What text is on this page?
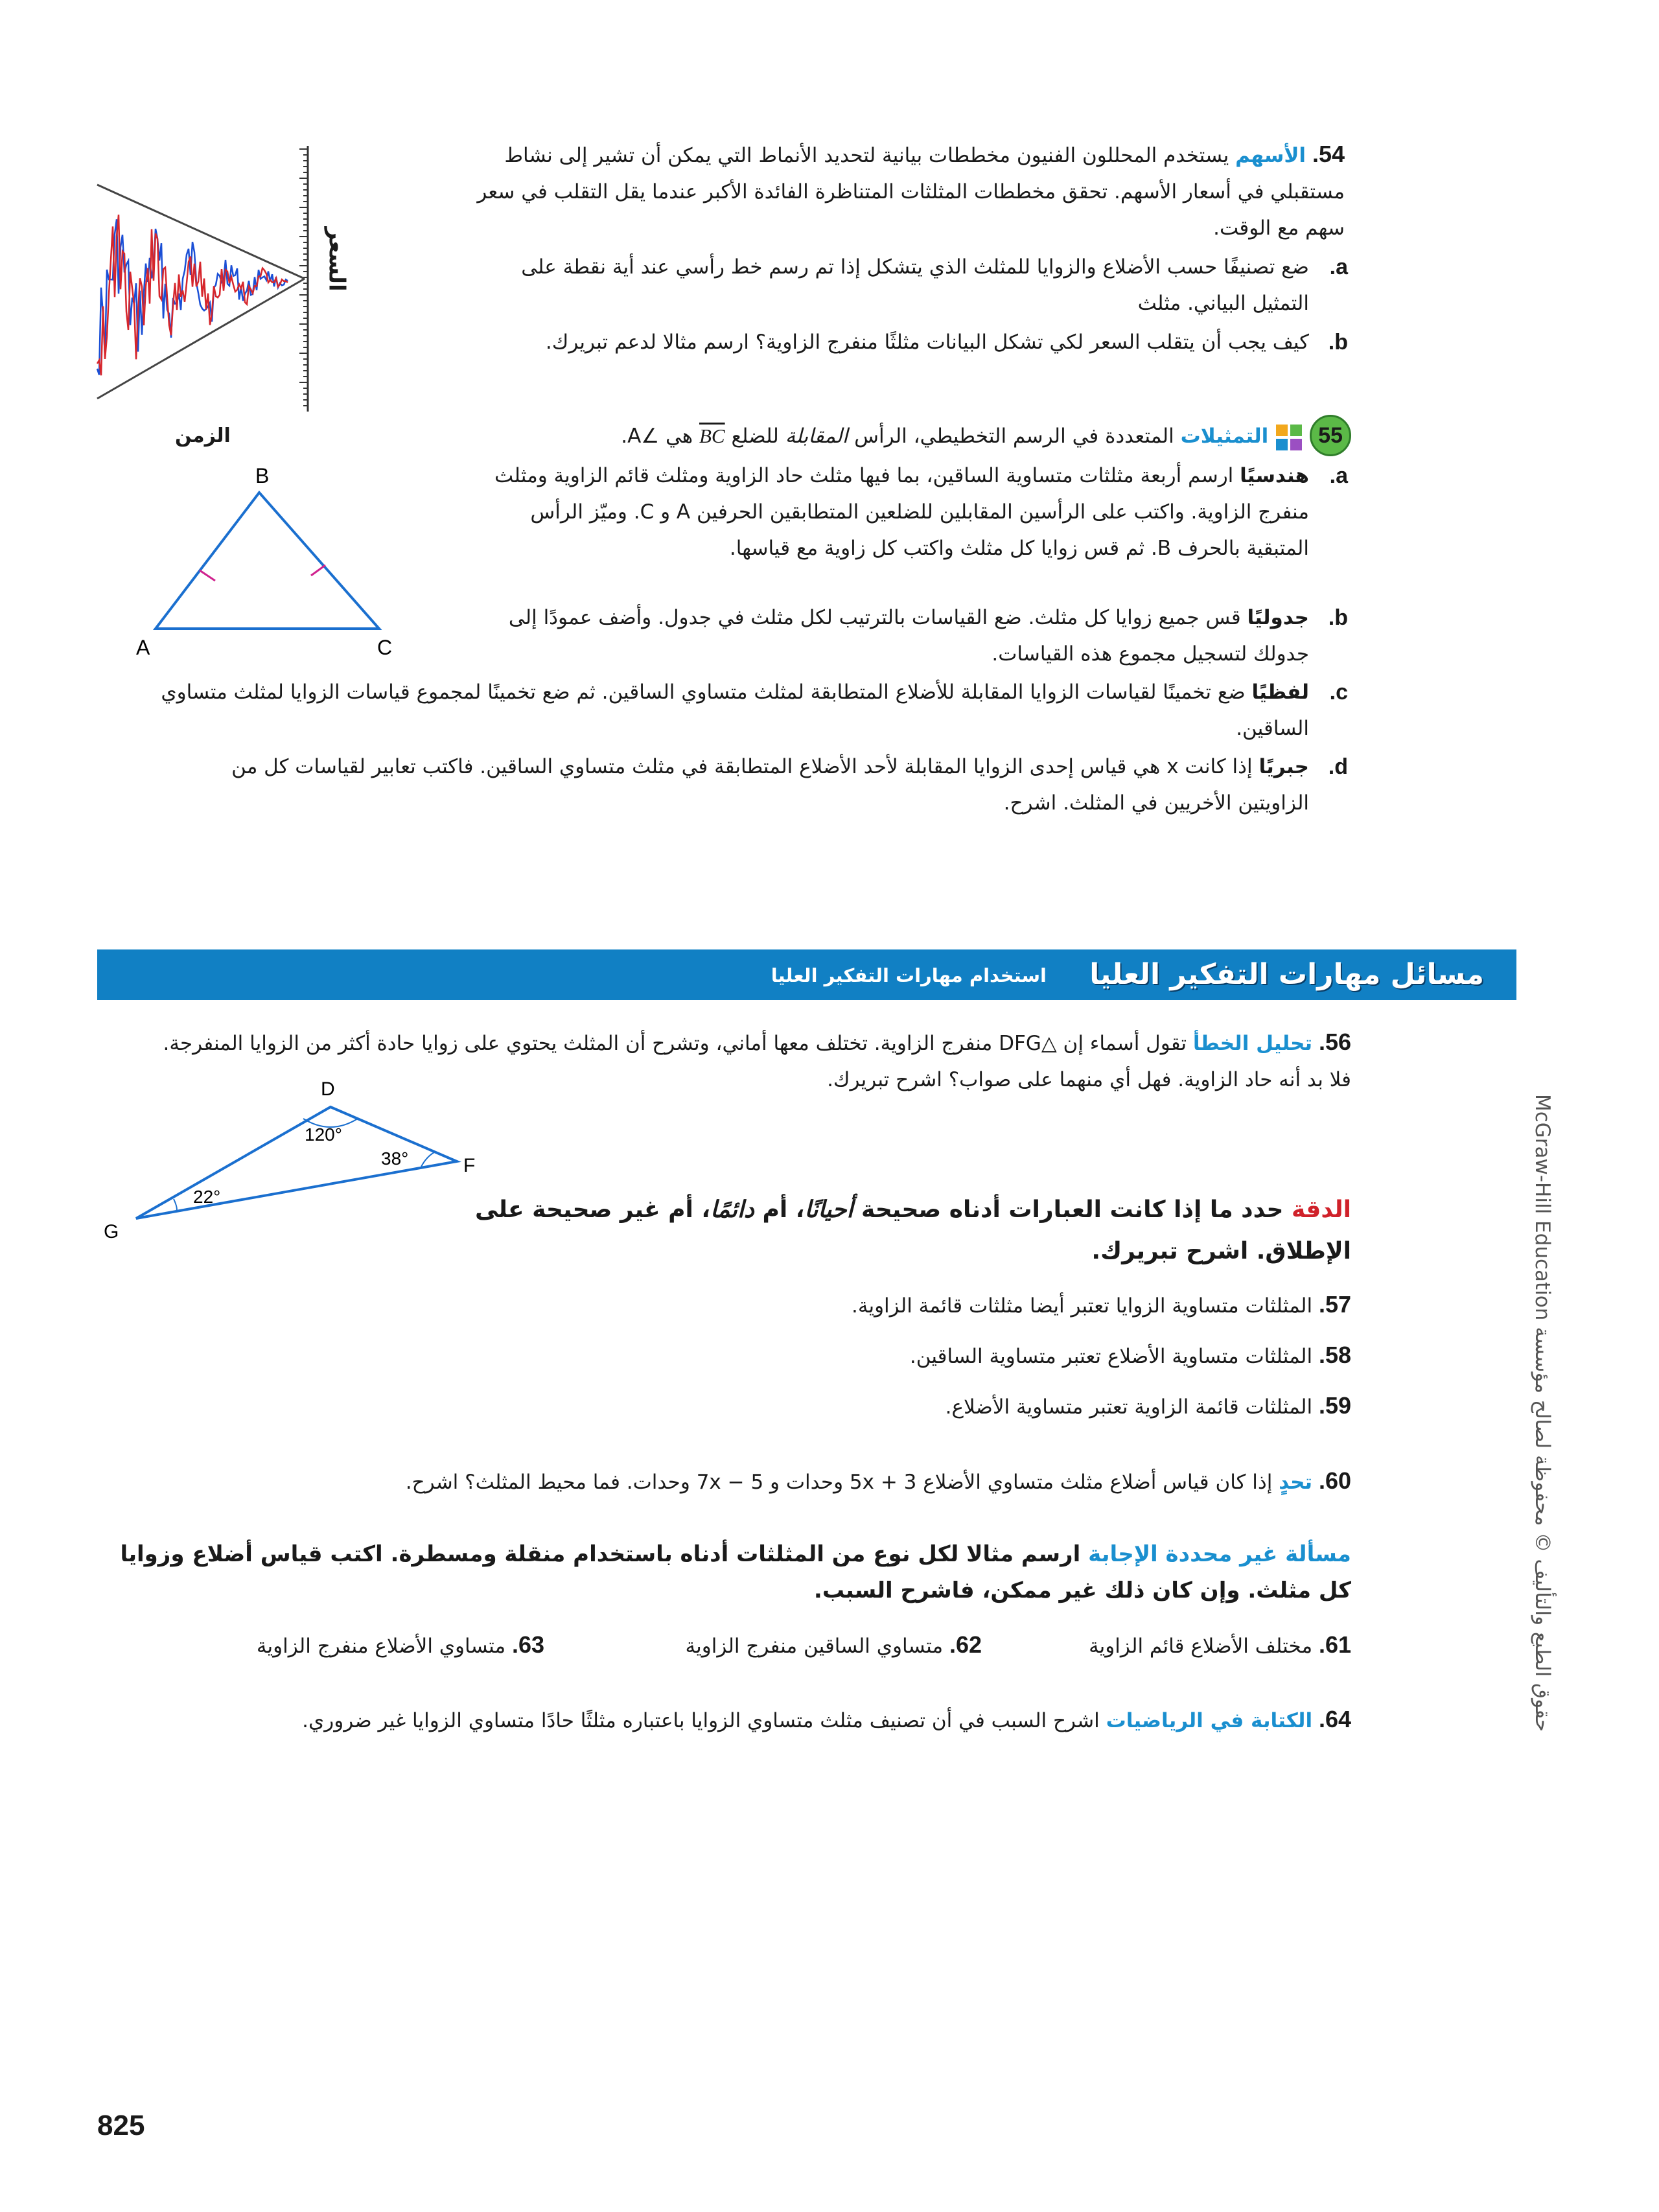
السعر
الزمن
54. الأسهم يستخدم المحللون الفنيون مخططات بيانية لتحديد الأنماط التي يمكن أن تشير إلى نشاط مستقبلي في أسعار الأسهم. تحقق مخططات المثلثات المتناظرة الفائدة الأكبر عندما يقل التقلب في سعر سهم مع الوقت.
a.
ضع تصنيفًا حسب الأضلاع والزوايا للمثلث الذي يتشكل إذا تم رسم خط رأسي عند أية نقطة على التمثيل البياني. مثلث
b.
كيف يجب أن يتقلب السعر لكي تشكل البيانات مثلثًا منفرج الزاوية؟ ارسم مثالا لدعم تبريرك.
55  التمثيلات المتعددة في الرسم التخطيطي، الرأس المقابلة للضلع BC هي ∠A.
B
A	C
a.
هندسيًا ارسم أربعة مثلثات متساوية الساقين، بما فيها مثلث حاد الزاوية ومثلث قائم الزاوية ومثلث منفرج الزاوية. واكتب على الرأسين المقابلين للضلعين المتطابقين الحرفين A و C. وميّز الرأس المتبقية بالحرف B. ثم قس زوايا كل مثلث واكتب كل زاوية مع قياسها.
b.
جدوليًا قس جميع زوايا كل مثلث. ضع القياسات بالترتيب لكل مثلث في جدول. وأضف عمودًا إلى جدولك لتسجيل مجموع هذه القياسات.
c.
لفظيًا ضع تخمينًا لقياسات الزوايا المقابلة للأضلاع المتطابقة لمثلث متساوي الساقين. ثم ضع تخمينًا لمجموع قياسات الزوايا لمثلث متساوي الساقين.
d.
جبريًا إذا كانت x هي قياس إحدى الزوايا المقابلة لأحد الأضلاع المتطابقة في مثلث متساوي الساقين. فاكتب تعابير لقياسات كل من الزاويتين الأخريين في المثلث. اشرح.
مسائل مهارات التفكير العليا
استخدام مهارات التفكير العليا
56. تحليل الخطأ تقول أسماء إن △DFG منفرج الزاوية. تختلف معها أماني، وتشرح أن المثلث يحتوي على زوايا حادة أكثر من الزوايا المنفرجة. فلا بد أنه حاد الزاوية. فهل أي منهما على صواب؟ اشرح تبريرك.
D
F
G
120°
38°
22°	الدقة حدد ما إذا كانت العبارات أدناه صحيحة أحيانًا، أم دائمًا، أم غير صحيحة على الإطلاق. اشرح تبريرك.
57. المثلثات متساوية الزوايا تعتبر أيضا مثلثات قائمة الزاوية.
58. المثلثات متساوية الأضلاع تعتبر متساوية الساقين.
59. المثلثات قائمة الزاوية تعتبر متساوية الأضلاع.
60. تحدٍ إذا كان قياس أضلاع مثلث متساوي الأضلاع 5x + 3 وحدات و 7x − 5 وحدات. فما محيط المثلث؟ اشرح.
مسألة غير محددة الإجابة ارسم مثالا لكل نوع من المثلثات أدناه باستخدام منقلة ومسطرة. اكتب قياس أضلاع وزوايا كل مثلث. وإن كان ذلك غير ممكن، فاشرح السبب.
61. مختلف الأضلاع قائم الزاوية
62. متساوي الساقين منفرج الزاوية
63. متساوي الأضلاع منفرج الزاوية
64. الكتابة في الرياضيات اشرح السبب في أن تصنيف مثلث متساوي الزوايا باعتباره مثلثًا حادًا متساوي الزوايا غير ضروري.
حقوق الطبع والتأليف © محفوظة لصالح مؤسسة McGraw-Hill Education
825
